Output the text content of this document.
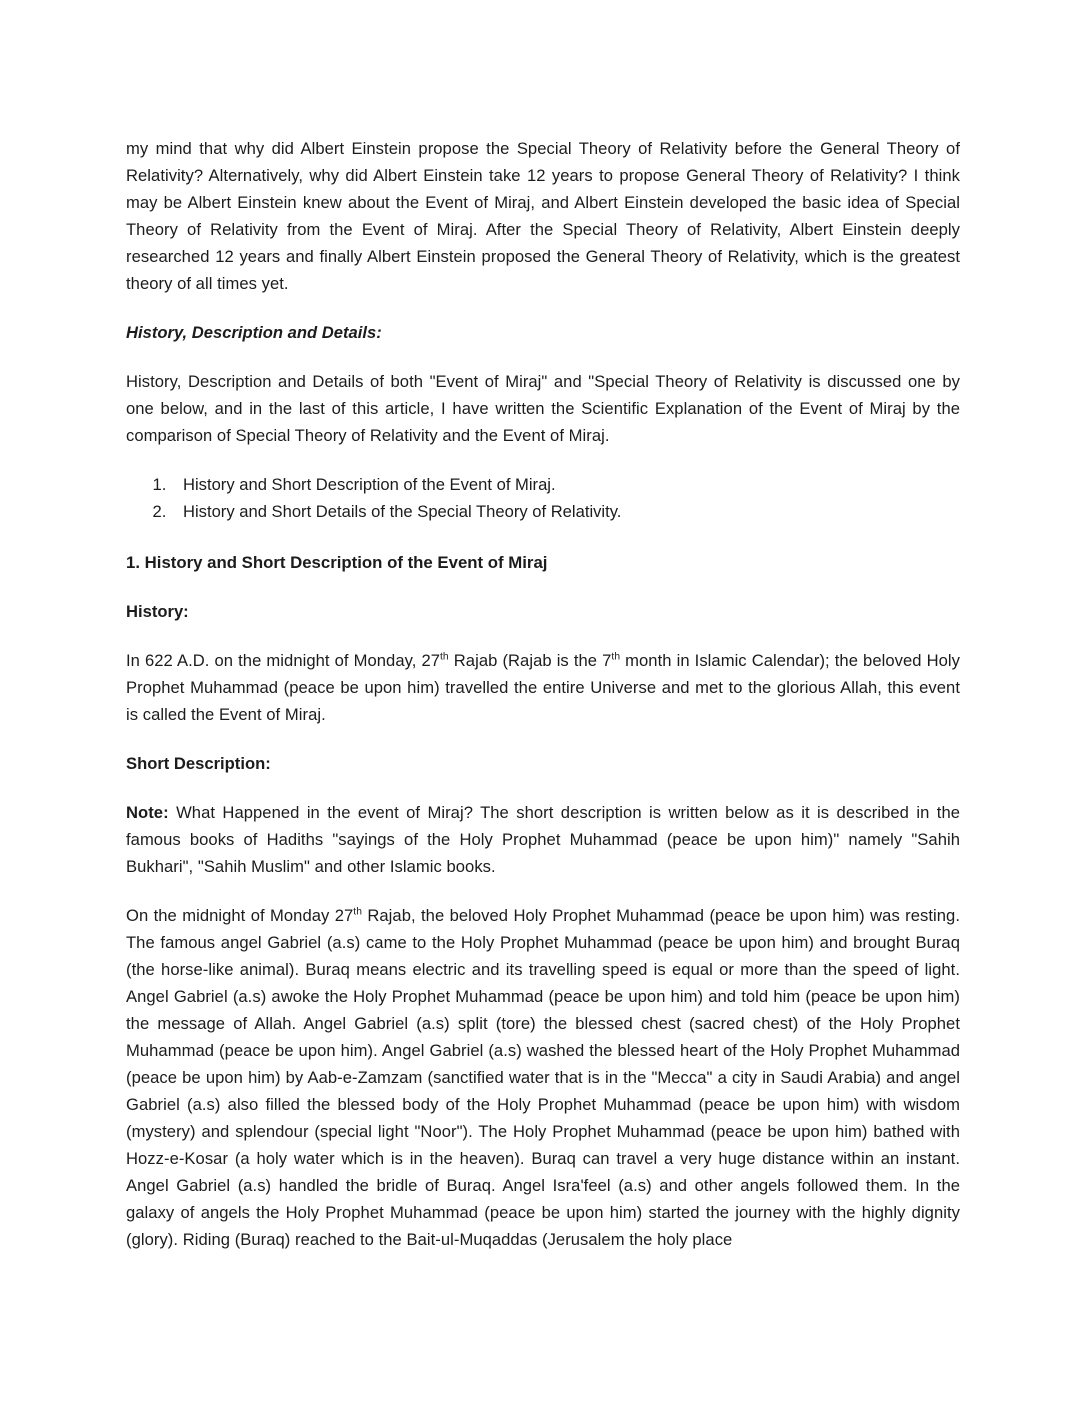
my mind that why did Albert Einstein propose the Special Theory of Relativity before the General Theory of Relativity? Alternatively, why did Albert Einstein take 12 years to propose General Theory of Relativity? I think may be Albert Einstein knew about the Event of Miraj, and Albert Einstein developed the basic idea of Special Theory of Relativity from the Event of Miraj. After the Special Theory of Relativity, Albert Einstein deeply researched 12 years and finally Albert Einstein proposed the General Theory of Relativity, which is the greatest theory of all times yet.

History, Description and Details:

History, Description and Details of both "Event of Miraj" and "Special Theory of Relativity is discussed one by one below, and in the last of this article, I have written the Scientific Explanation of the Event of Miraj by the comparison of Special Theory of Relativity and the Event of Miraj.

1. History and Short Description of the Event of Miraj.
2. History and Short Details of the Special Theory of Relativity.
1. History and Short Description of the Event of Miraj
History:

In 622 A.D. on the midnight of Monday, 27th Rajab (Rajab is the 7th month in Islamic Calendar); the beloved Holy Prophet Muhammad (peace be upon him) travelled the entire Universe and met to the glorious Allah, this event is called the Event of Miraj.

Short Description:

Note: What Happened in the event of Miraj? The short description is written below as it is described in the famous books of Hadiths "sayings of the Holy Prophet Muhammad (peace be upon him)" namely "Sahih Bukhari", "Sahih Muslim" and other Islamic books.

On the midnight of Monday 27th Rajab, the beloved Holy Prophet Muhammad (peace be upon him) was resting. The famous angel Gabriel (a.s) came to the Holy Prophet Muhammad (peace be upon him) and brought Buraq (the horse-like animal). Buraq means electric and its travelling speed is equal or more than the speed of light. Angel Gabriel (a.s) awoke the Holy Prophet Muhammad (peace be upon him) and told him (peace be upon him) the message of Allah. Angel Gabriel (a.s) split (tore) the blessed chest (sacred chest) of the Holy Prophet Muhammad (peace be upon him). Angel Gabriel (a.s) washed the blessed heart of the Holy Prophet Muhammad (peace be upon him) by Aab-e-Zamzam (sanctified water that is in the "Mecca" a city in Saudi Arabia) and angel Gabriel (a.s) also filled the blessed body of the Holy Prophet Muhammad (peace be upon him) with wisdom (mystery) and splendour (special light "Noor"). The Holy Prophet Muhammad (peace be upon him) bathed with Hozz-e-Kosar (a holy water which is in the heaven). Buraq can travel a very huge distance within an instant. Angel Gabriel (a.s) handled the bridle of Buraq. Angel Isra'feel (a.s) and other angels followed them. In the galaxy of angels the Holy Prophet Muhammad (peace be upon him) started the journey with the highly dignity (glory). Riding (Buraq) reached to the Bait-ul-Muqaddas (Jerusalem the holy place
